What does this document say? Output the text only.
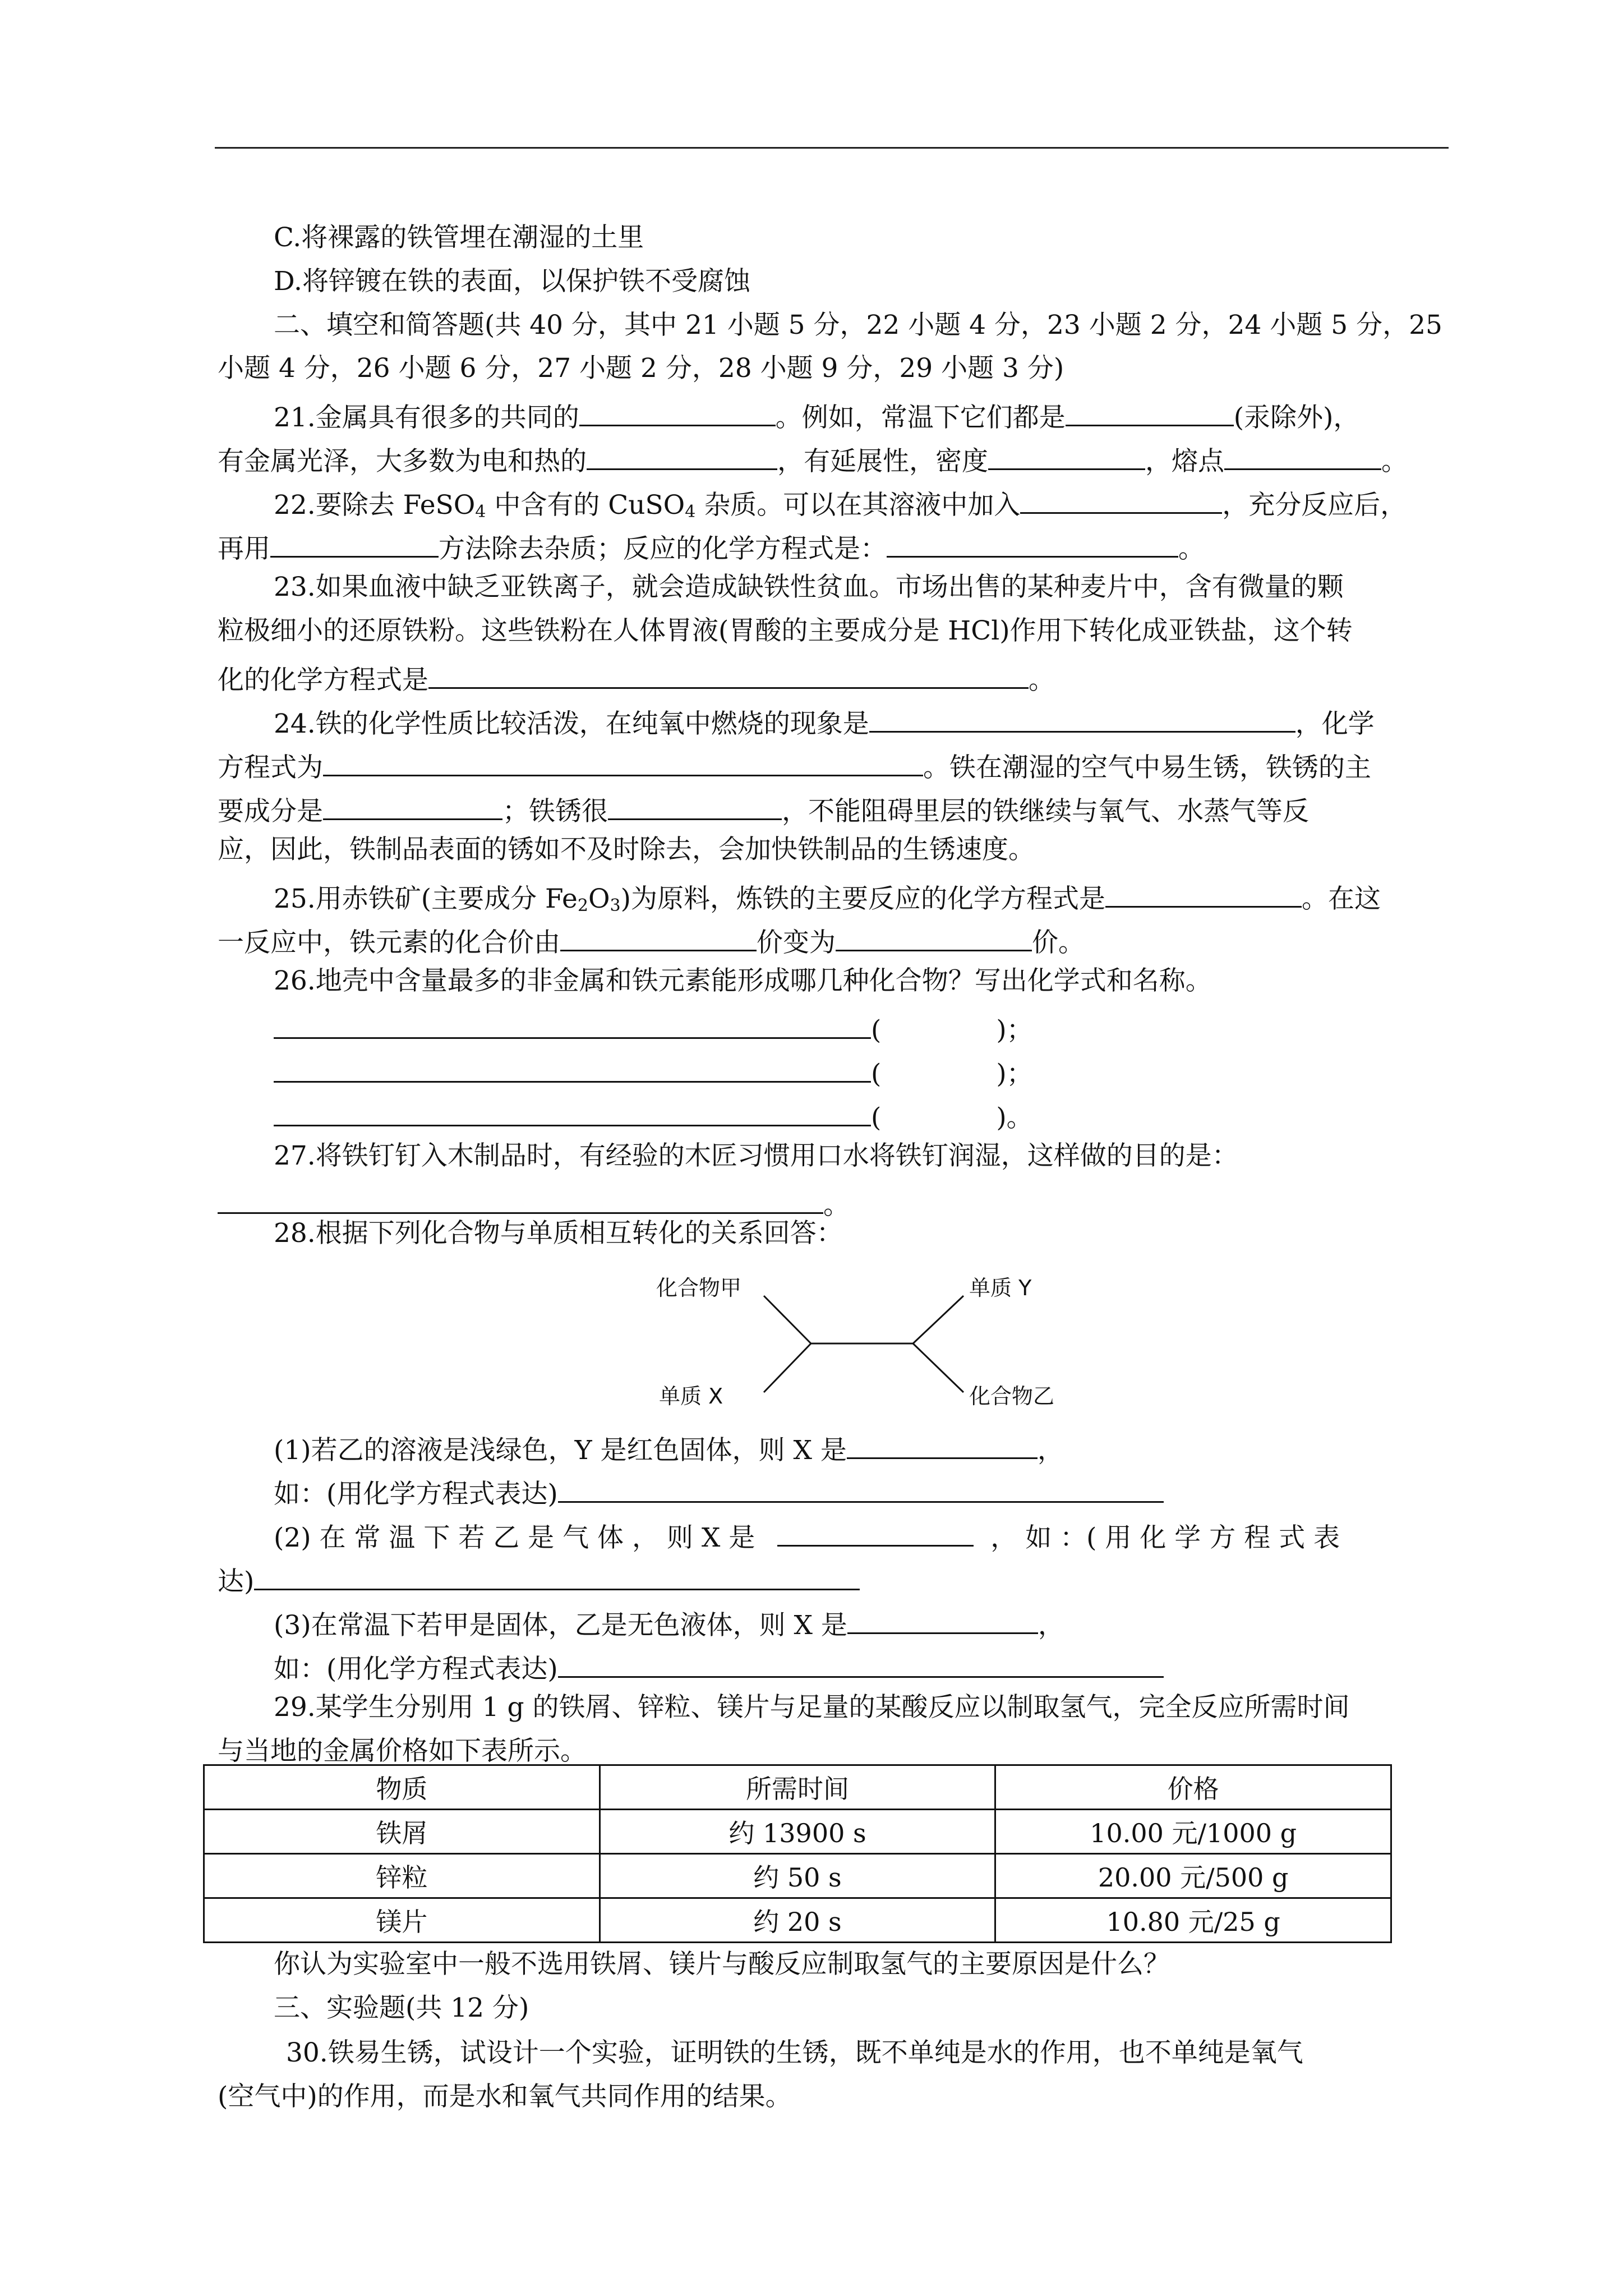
C.将裸露的铁管埋在潮湿的土里
D.将锌镀在铁的表面，以保护铁不受腐蚀
二、填空和简答题(共 40 分，其中 21 小题 5 分，22 小题 4 分，23 小题 2 分，24 小题 5 分，25
小题 4 分，26 小题 6 分，27 小题 2 分，28 小题 9 分，29 小题 3 分)
21.金属具有很多的共同的	。例如，常温下它们都是	(汞除外)，
有金属光泽，大多数为电和热的	，有延展性，密度	，熔点	。
22.要除去 FeSO$_4$ 中含有的 CuSO$_4$ 杂质。可以在其溶液中加入	，充分反应后，
再用	方法除去杂质；反应的化学方程式是：	。
23.如果血液中缺乏亚铁离子，就会造成缺铁性贫血。市场出售的某种麦片中，含有微量的颗
粒极细小的还原铁粉。这些铁粉在人体胃液(胃酸的主要成分是 HCl)作用下转化成亚铁盐，这个转
化的化学方程式是	。
24.铁的化学性质比较活泼，在纯氧中燃烧的现象是	，化学
方程式为	。铁在潮湿的空气中易生锈，铁锈的主
要成分是	；铁锈很	，不能阻碍里层的铁继续与氧气、水蒸气等反
应，因此，铁制品表面的锈如不及时除去，会加快铁制品的生锈速度。
25.用赤铁矿(主要成分 $Fe_2O_3$)为原料，炼铁的主要反应的化学方程式是	。在这
一反应中，铁元素的化合价由	价变为	价。
26.地壳中含量最多的非金属和铁元素能形成哪几种化合物？写出化学式和名称。
(	)；
(	)；
(	)。
27.将铁钉钉入木制品时，有经验的木匠习惯用口水将铁钉润湿，这样做的目的是：
。
28.根据下列化合物与单质相互转化的关系回答：
化合物甲	单质 Y
单质 X	化合物乙
(1)若乙的溶液是浅绿色，Y 是红色固体，则 X 是	，
如：(用化学方程式表达)
(2) 在 常 温 下 若 乙 是 气 体 ， 则 X 是	， 如 ：( 用 化 学 方 程 式 表
达)
(3)在常温下若甲是固体，乙是无色液体，则 X 是	，
如：(用化学方程式表达)
29.某学生分别用 1 g 的铁屑、锌粒、镁片与足量的某酸反应以制取氢气，完全反应所需时间
与当地的金属价格如下表所示。
物质	所需时间	价格
铁屑	约 13900 s	10.00 元/1000 g
锌粒	约 50 s	20.00 元/500 g
镁片	约 20 s	10.80 元/25 g
你认为实验室中一般不选用铁屑、镁片与酸反应制取氢气的主要原因是什么？
三、实验题(共 12 分)
30.铁易生锈，试设计一个实验，证明铁的生锈，既不单纯是水的作用，也不单纯是氧气
(空气中)的作用，而是水和氧气共同作用的结果。
